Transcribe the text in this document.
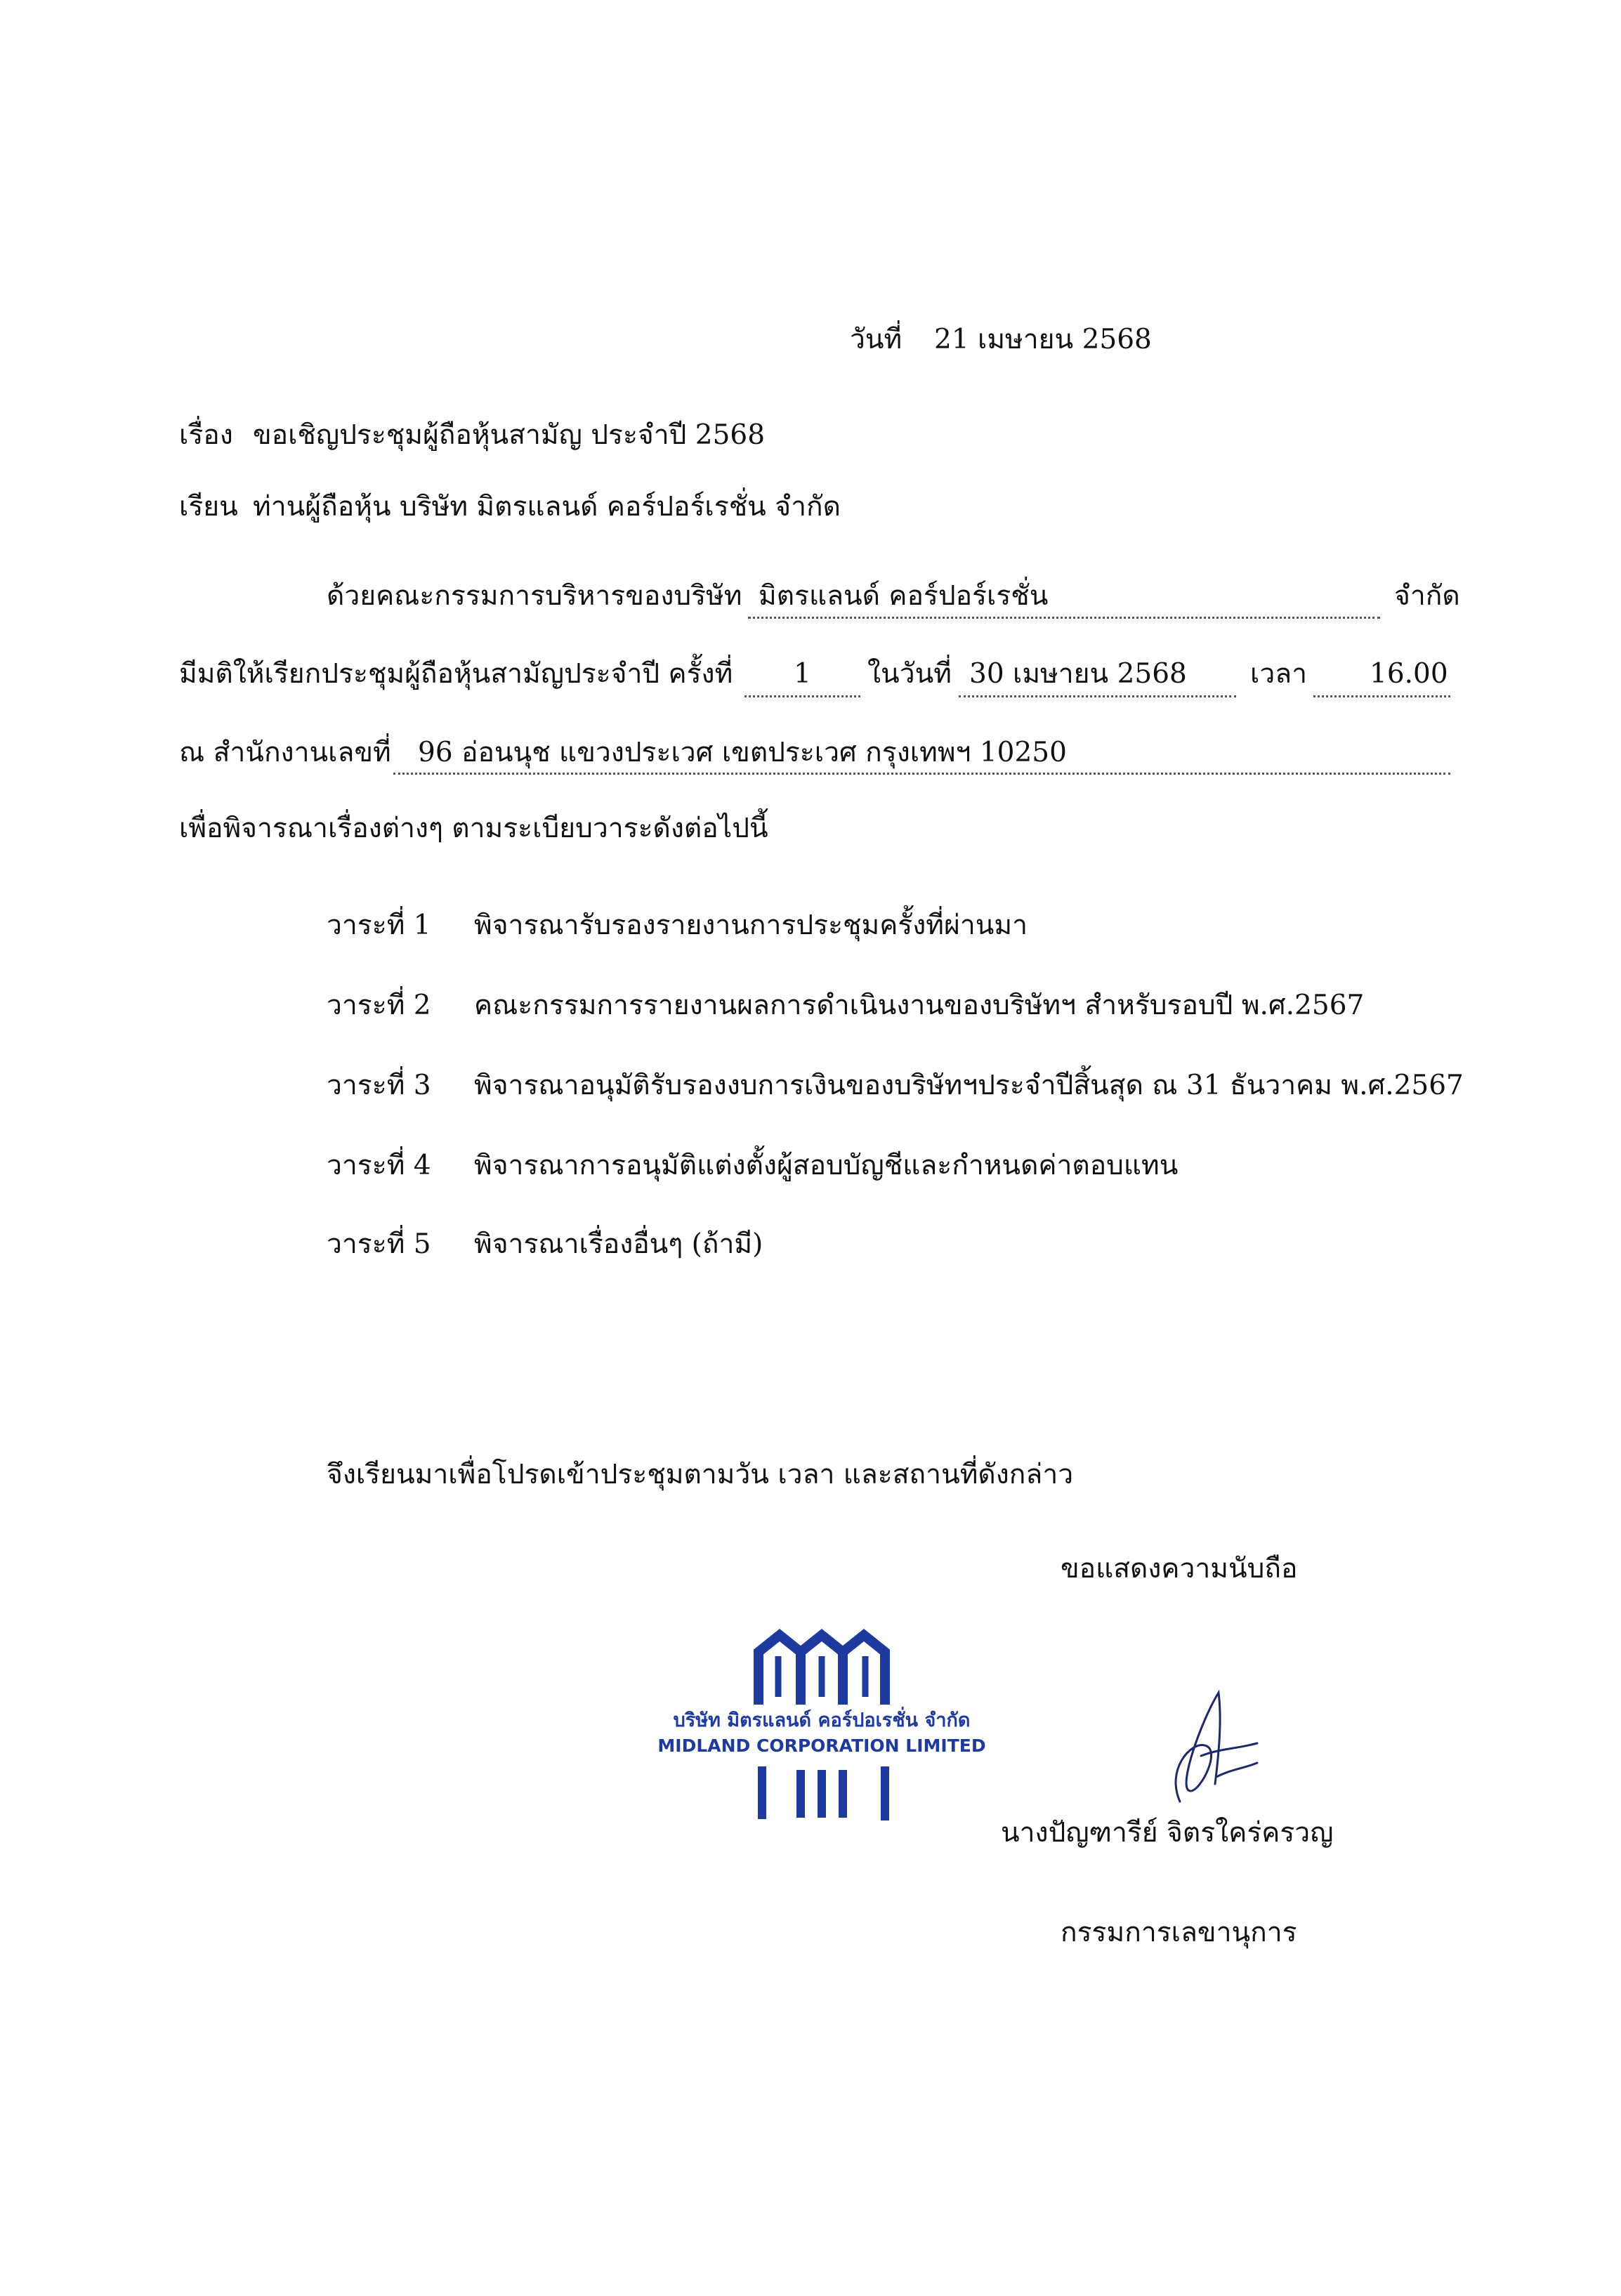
วันที่ 21 เมษายน 2568
เรื่อง ขอเชิญประชุมผู้ถือหุ้นสามัญ ประจำปี 2568
เรียน ท่านผู้ถือหุ้น บริษัท มิตรแลนด์ คอร์ปอร์เรชั่น จำกัด
ด้วยคณะกรรมการบริหารของบริษัท มิตรแลนด์ คอร์ปอร์เรชั่น	จำกัด
มีมติให้เรียกประชุมผู้ถือหุ้นสามัญประจำปี ครั้งที่	1	ในวันที่ 30 เมษายน 2568 เวลา 16.00
ณ สำนักงานเลขที่ 96 อ่อนนุช แขวงประเวศ เขตประเวศ กรุงเทพฯ 10250
เพื่อพิจารณาเรื่องต่างๆ ตามระเบียบวาระดังต่อไปนี้
วาระที่ 1 พิจารณารับรองรายงานการประชุมครั้งที่ผ่านมา
วาระที่ 2 คณะกรรมการรายงานผลการดำเนินงานของบริษัทฯ สำหรับรอบปี พ.ศ.2567
วาระที่ 3 พิจารณาอนุมัติรับรองงบการเงินของบริษัทฯประจำปีสิ้นสุด ณ 31 ธันวาคม พ.ศ.2567
วาระที่ 4 พิจารณาการอนุมัติแต่งตั้งผู้สอบบัญชีและกำหนดค่าตอบแทน
วาระที่ 5 พิจารณาเรื่องอื่นๆ (ถ้ามี)
จึงเรียนมาเพื่อโปรดเข้าประชุมตามวัน เวลา และสถานที่ดังกล่าว
ขอแสดงความนับถือ
บริษัท มิตรแลนด์ คอร์ปอเรชั่น จำกัด
MIDLAND CORPORATION LIMITED
นางปัญฑารีย์ จิตรใคร่ครวญ
กรรมการเลขานุการ
